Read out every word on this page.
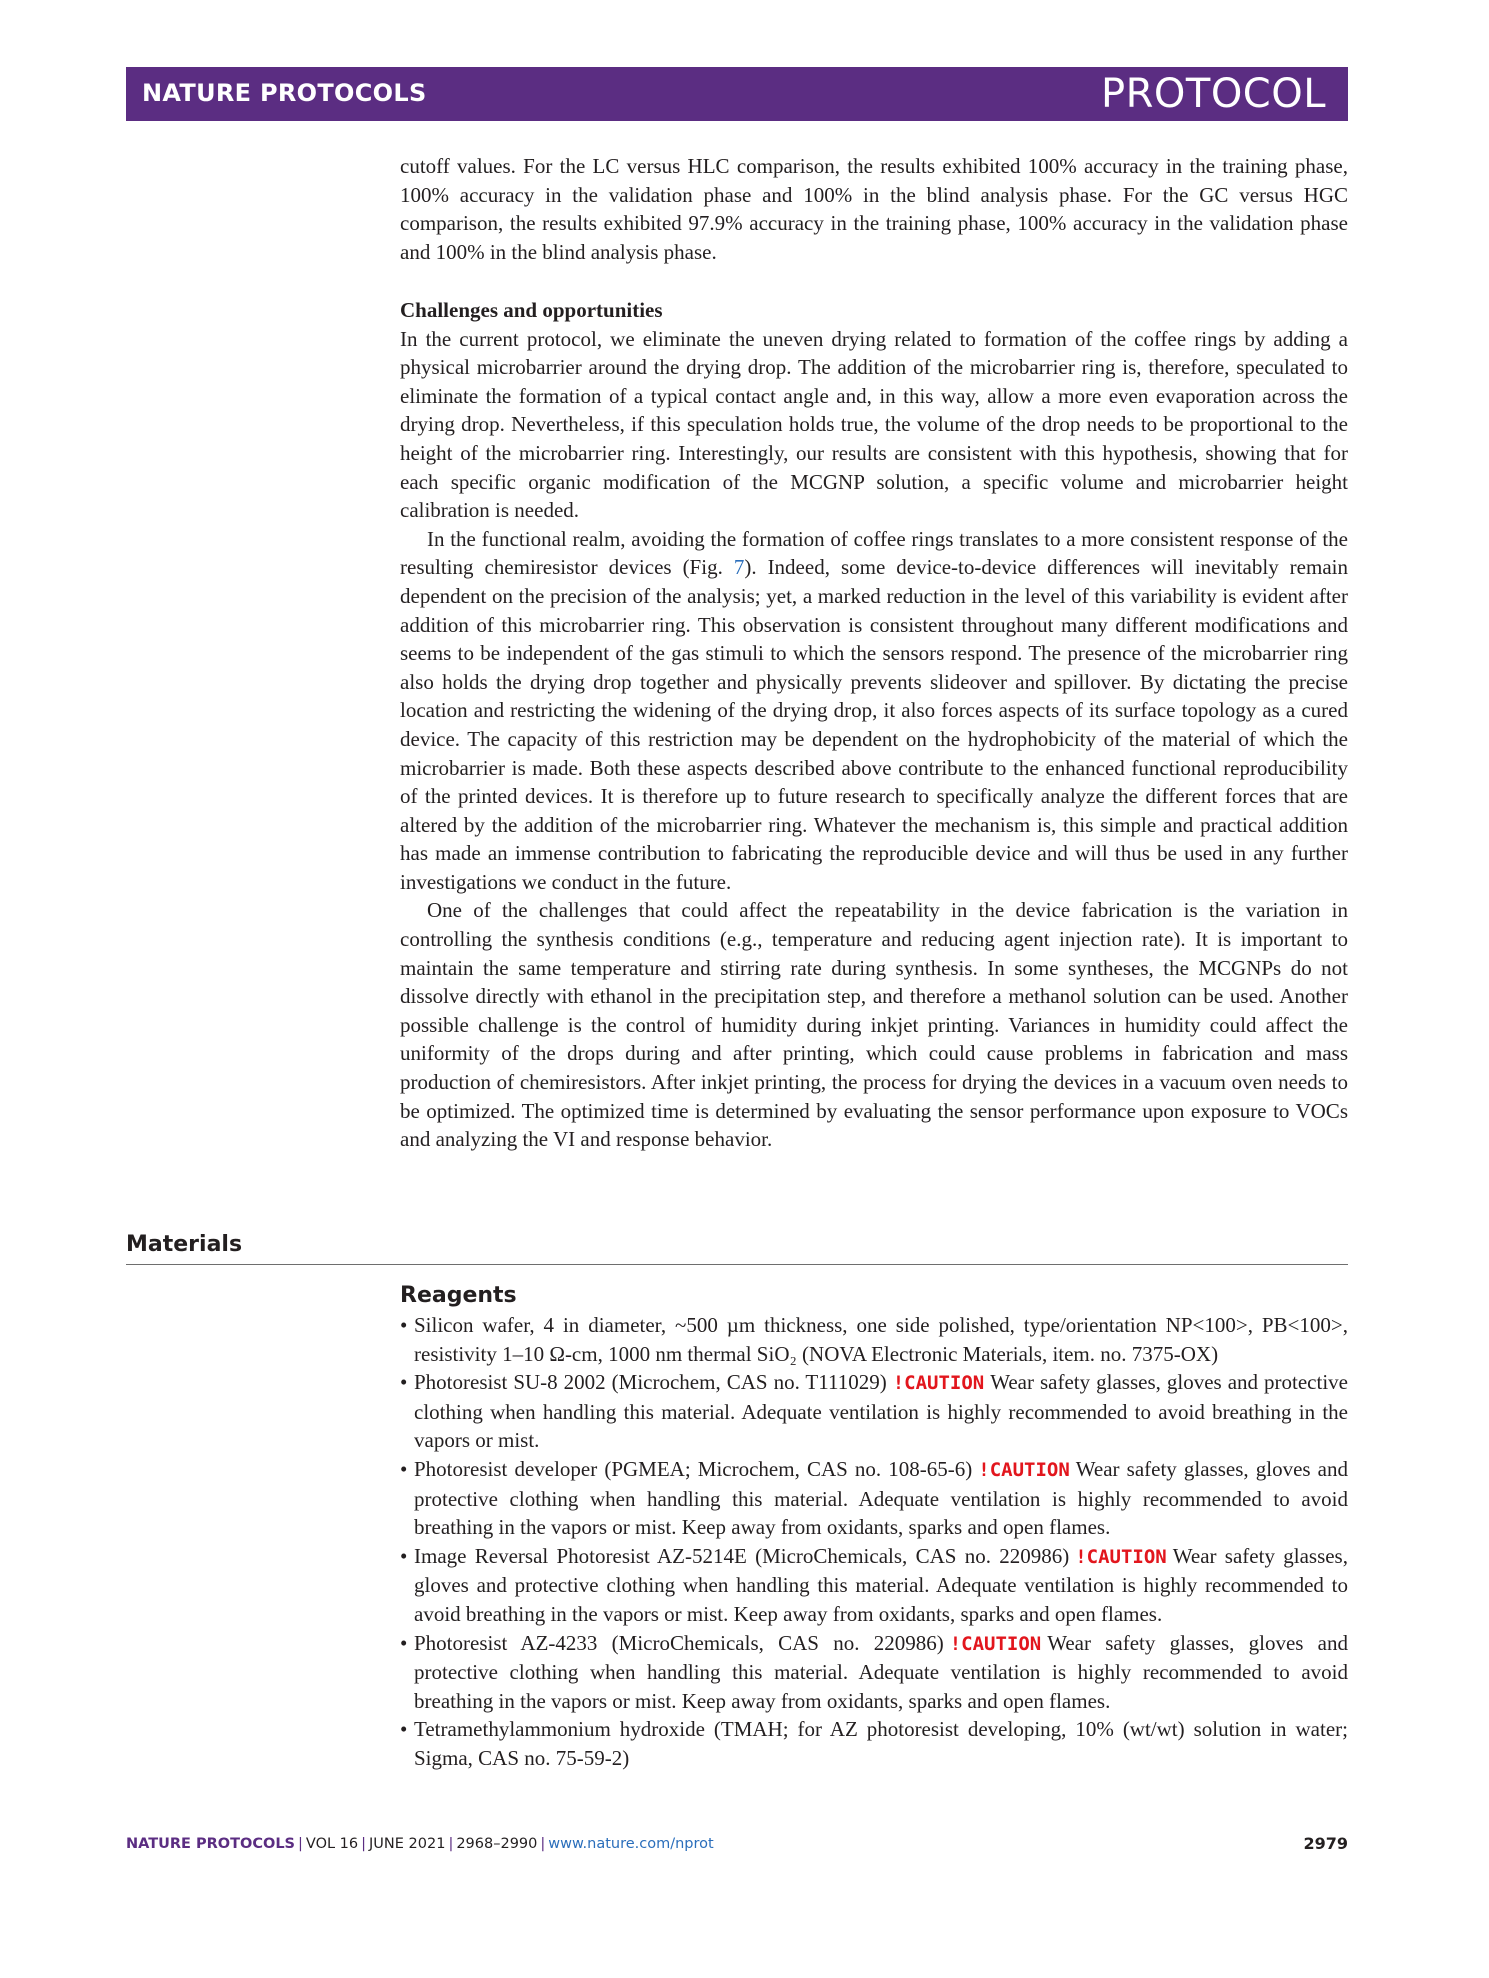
NATURE PROTOCOLS	PROTOCOL

cutoff values. For the LC versus HLC comparison, the results exhibited 100% accuracy in the training phase, 100% accuracy in the validation phase and 100% in the blind analysis phase. For the GC versus HGC comparison, the results exhibited 97.9% accuracy in the training phase, 100% accuracy in the validation phase and 100% in the blind analysis phase.

Challenges and opportunities

In the current protocol, we eliminate the uneven drying related to formation of the coffee rings by adding a physical microbarrier around the drying drop. The addition of the microbarrier ring is, therefore, speculated to eliminate the formation of a typical contact angle and, in this way, allow a more even evaporation across the drying drop. Nevertheless, if this speculation holds true, the volume of the drop needs to be proportional to the height of the microbarrier ring. Interestingly, our results are consistent with this hypothesis, showing that for each specific organic modification of the MCGNP solution, a specific volume and microbarrier height calibration is needed.

In the functional realm, avoiding the formation of coffee rings translates to a more consistent response of the resulting chemiresistor devices (Fig. 7). Indeed, some device-to-device differences will inevitably remain dependent on the precision of the analysis; yet, a marked reduction in the level of this variability is evident after addition of this microbarrier ring. This observation is consistent throughout many different modifications and seems to be independent of the gas stimuli to which the sensors respond. The presence of the microbarrier ring also holds the drying drop together and physically prevents slideover and spillover. By dictating the precise location and restricting the widening of the drying drop, it also forces aspects of its surface topology as a cured device. The capacity of this restriction may be dependent on the hydrophobicity of the material of which the microbarrier is made. Both these aspects described above contribute to the enhanced functional reproducibility of the printed devices. It is therefore up to future research to specifically analyze the different forces that are altered by the addition of the microbarrier ring. Whatever the mechanism is, this simple and practical addition has made an immense contribution to fabricating the reproducible device and will thus be used in any further investigations we conduct in the future.

One of the challenges that could affect the repeatability in the device fabrication is the variation in controlling the synthesis conditions (e.g., temperature and reducing agent injection rate). It is important to maintain the same temperature and stirring rate during synthesis. In some syntheses, the MCGNPs do not dissolve directly with ethanol in the precipitation step, and therefore a methanol solution can be used. Another possible challenge is the control of humidity during inkjet printing. Variances in humidity could affect the uniformity of the drops during and after printing, which could cause problems in fabrication and mass production of chemiresistors. After inkjet printing, the process for drying the devices in a vacuum oven needs to be optimized. The optimized time is determined by evaluating the sensor performance upon exposure to VOCs and analyzing the VI and response behavior.

Materials
Reagents
• Silicon wafer, 4 in diameter, ~500 µm thickness, one side polished, type/orientation NP<100>, PB<100>, resistivity 1–10 Ω-cm, 1000 nm thermal SiO₂ (NOVA Electronic Materials, item. no. 7375-OX)
• Photoresist SU-8 2002 (Microchem, CAS no. T111029) !CAUTION Wear safety glasses, gloves and protective clothing when handling this material. Adequate ventilation is highly recommended to avoid breathing in the vapors or mist.
• Photoresist developer (PGMEA; Microchem, CAS no. 108-65-6) !CAUTION Wear safety glasses, gloves and protective clothing when handling this material. Adequate ventilation is highly recommended to avoid breathing in the vapors or mist. Keep away from oxidants, sparks and open flames.
• Image Reversal Photoresist AZ-5214E (MicroChemicals, CAS no. 220986) !CAUTION Wear safety glasses, gloves and protective clothing when handling this material. Adequate ventilation is highly recommended to avoid breathing in the vapors or mist. Keep away from oxidants, sparks and open flames.
• Photoresist AZ-4233 (MicroChemicals, CAS no. 220986) !CAUTION Wear safety glasses, gloves and protective clothing when handling this material. Adequate ventilation is highly recommended to avoid breathing in the vapors or mist. Keep away from oxidants, sparks and open flames.
• Tetramethylammonium hydroxide (TMAH; for AZ photoresist developing, 10% (wt/wt) solution in water; Sigma, CAS no. 75-59-2)
NATURE PROTOCOLS | VOL 16 | JUNE 2021 | 2968–2990 | www.nature.com/nprot	2979
